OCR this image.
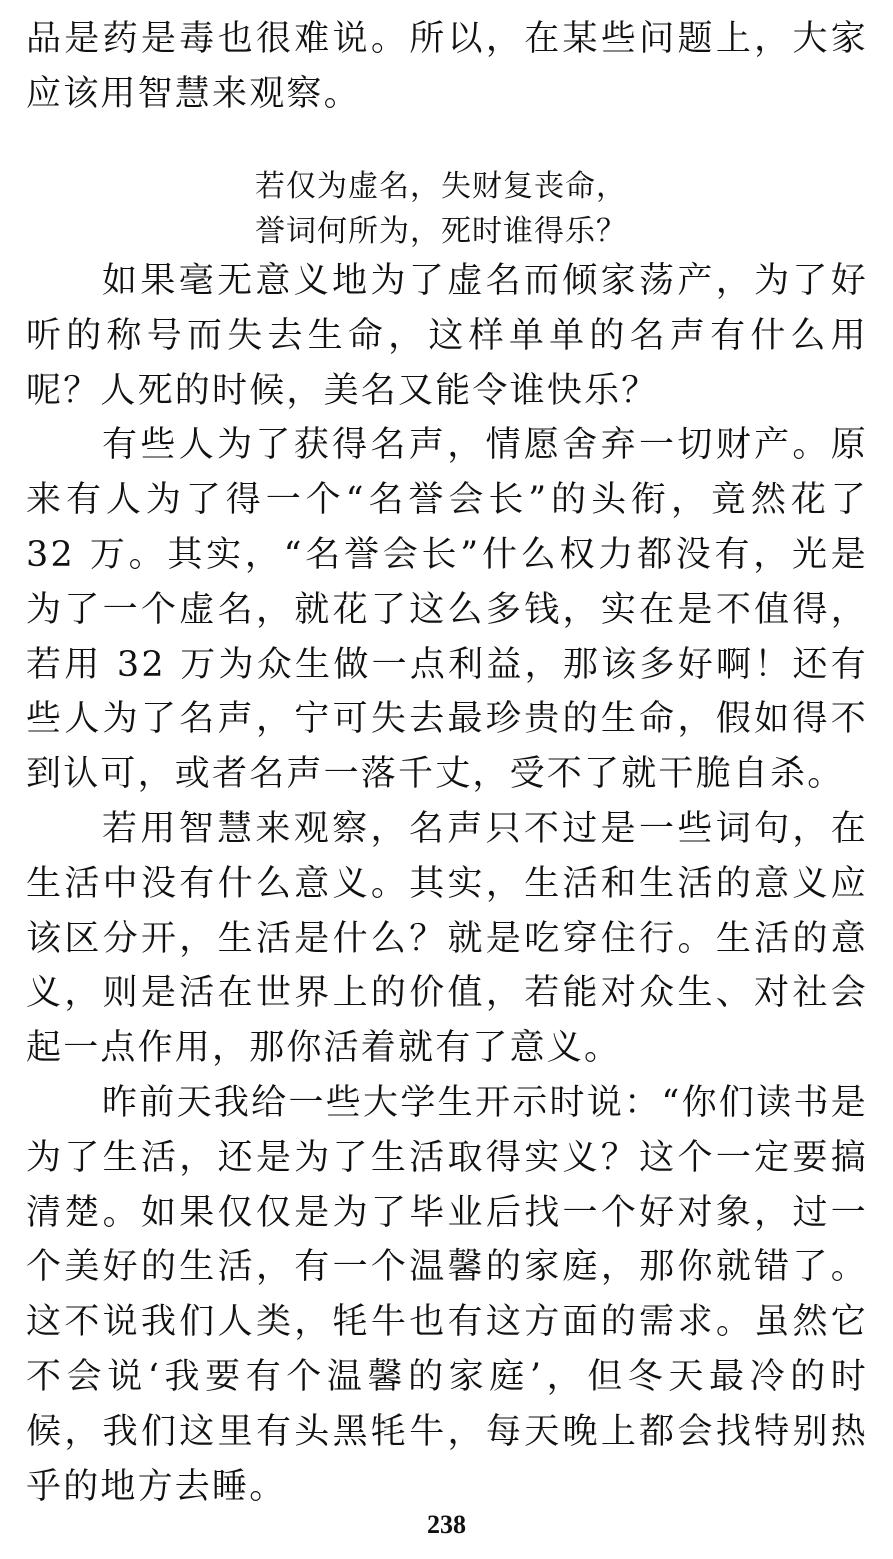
品是药是毒也很难说。所以，在某些问题上，大家应该用智慧来观察。

若仅为虚名，失财复丧命，
誉词何所为，死时谁得乐？

如果毫无意义地为了虚名而倾家荡产，为了好听的称号而失去生命，这样单单的名声有什么用呢？人死的时候，美名又能令谁快乐？

有些人为了获得名声，情愿舍弃一切财产。原来有人为了得一个“名誉会长”的头衔，竟然花了 32 万。其实，“名誉会长”什么权力都没有，光是为了一个虚名，就花了这么多钱，实在是不值得，若用 32 万为众生做一点利益，那该多好啊！还有些人为了名声，宁可失去最珍贵的生命，假如得不到认可，或者名声一落千丈，受不了就干脆自杀。

若用智慧来观察，名声只不过是一些词句，在生活中没有什么意义。其实，生活和生活的意义应该区分开，生活是什么？就是吃穿住行。生活的意义，则是活在世界上的价值，若能对众生、对社会起一点作用，那你活着就有了意义。

昨前天我给一些大学生开示时说：“你们读书是为了生活，还是为了生活取得实义？这个一定要搞清楚。如果仅仅是为了毕业后找一个好对象，过一个美好的生活，有一个温馨的家庭，那你就错了。这不说我们人类，牦牛也有这方面的需求。虽然它不会说‘我要有个温馨的家庭’，但冬天最冷的时候，我们这里有头黑牦牛，每天晚上都会找特别热乎的地方去睡。

238
